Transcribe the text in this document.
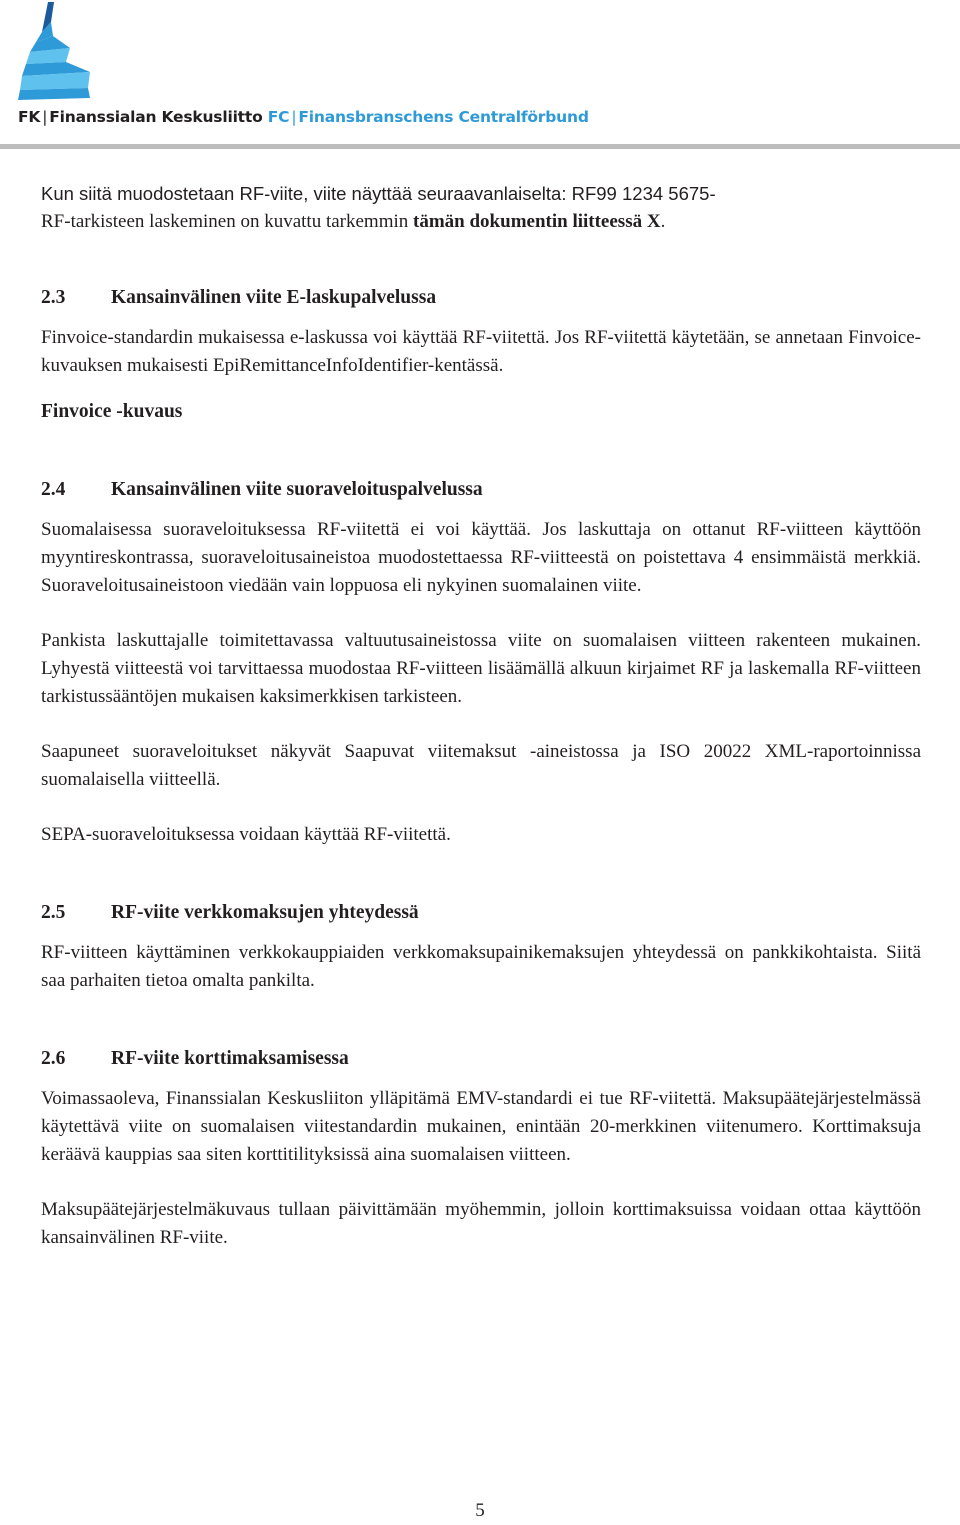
FK | Finanssialan Keskusliitto FC | Finansbranschens Centralförbund

Kun siitä muodostetaan RF-viite, viite näyttää seuraavanlaiselta: RF99 1234 5675-

RF-tarkisteen laskeminen on kuvattu tarkemmin tämän dokumentin liitteessä X.

2.3 Kansainvälinen viite E-laskupalvelussa

Finvoice-standardin mukaisessa e-laskussa voi käyttää RF-viitettä. Jos RF-viitettä käytetään, se annetaan Finvoice-kuvauksen mukaisesti EpiRemittanceInfoIdentifier-kentässä.

Finvoice -kuvaus
2.4 Kansainvälinen viite suoraveloituspalvelussa

Suomalaisessa suoraveloituksessa RF-viitettä ei voi käyttää. Jos laskuttaja on ottanut RF-viitteen käyttöön myyntireskontrassa, suoraveloitusaineistoa muodostettaessa RF-viitteestä on poistettava 4 ensimmäistä merkkiä. Suoraveloitusaineistoon viedään vain loppuosa eli nykyinen suomalainen viite.

Pankista laskuttajalle toimitettavassa valtuutusaineistossa viite on suomalaisen viitteen rakenteen mukainen. Lyhyestä viitteestä voi tarvittaessa muodostaa RF-viitteen lisäämällä alkuun kirjaimet RF ja laskemalla RF-viitteen tarkistussääntöjen mukaisen kaksimerkkisen tarkisteen.

Saapuneet suoraveloitukset näkyvät Saapuvat viitemaksut -aineistossa ja ISO 20022 XML-raportoinnissa suomalaisella viitteellä.

SEPA-suoraveloituksessa voidaan käyttää RF-viitettä.

2.5 RF-viite verkkomaksujen yhteydessä

RF-viitteen käyttäminen verkkokauppiaiden verkkomaksupainikemaksujen yhteydessä on pankkikohtaista. Siitä saa parhaiten tietoa omalta pankilta.

2.6 RF-viite korttimaksamisessa

Voimassaoleva, Finanssialan Keskusliiton ylläpitämä EMV-standardi ei tue RF-viitettä. Maksupäätejärjestelmässä käytettävä viite on suomalaisen viitestandardin mukainen, enintään 20-merkkinen viitenumero. Korttimaksuja keräävä kauppias saa siten korttitilityksissä aina suomalaisen viitteen.

Maksupäätejärjestelmäkuvaus tullaan päivittämään myöhemmin, jolloin korttimaksuissa voidaan ottaa käyttöön kansainvälinen RF-viite.

5
